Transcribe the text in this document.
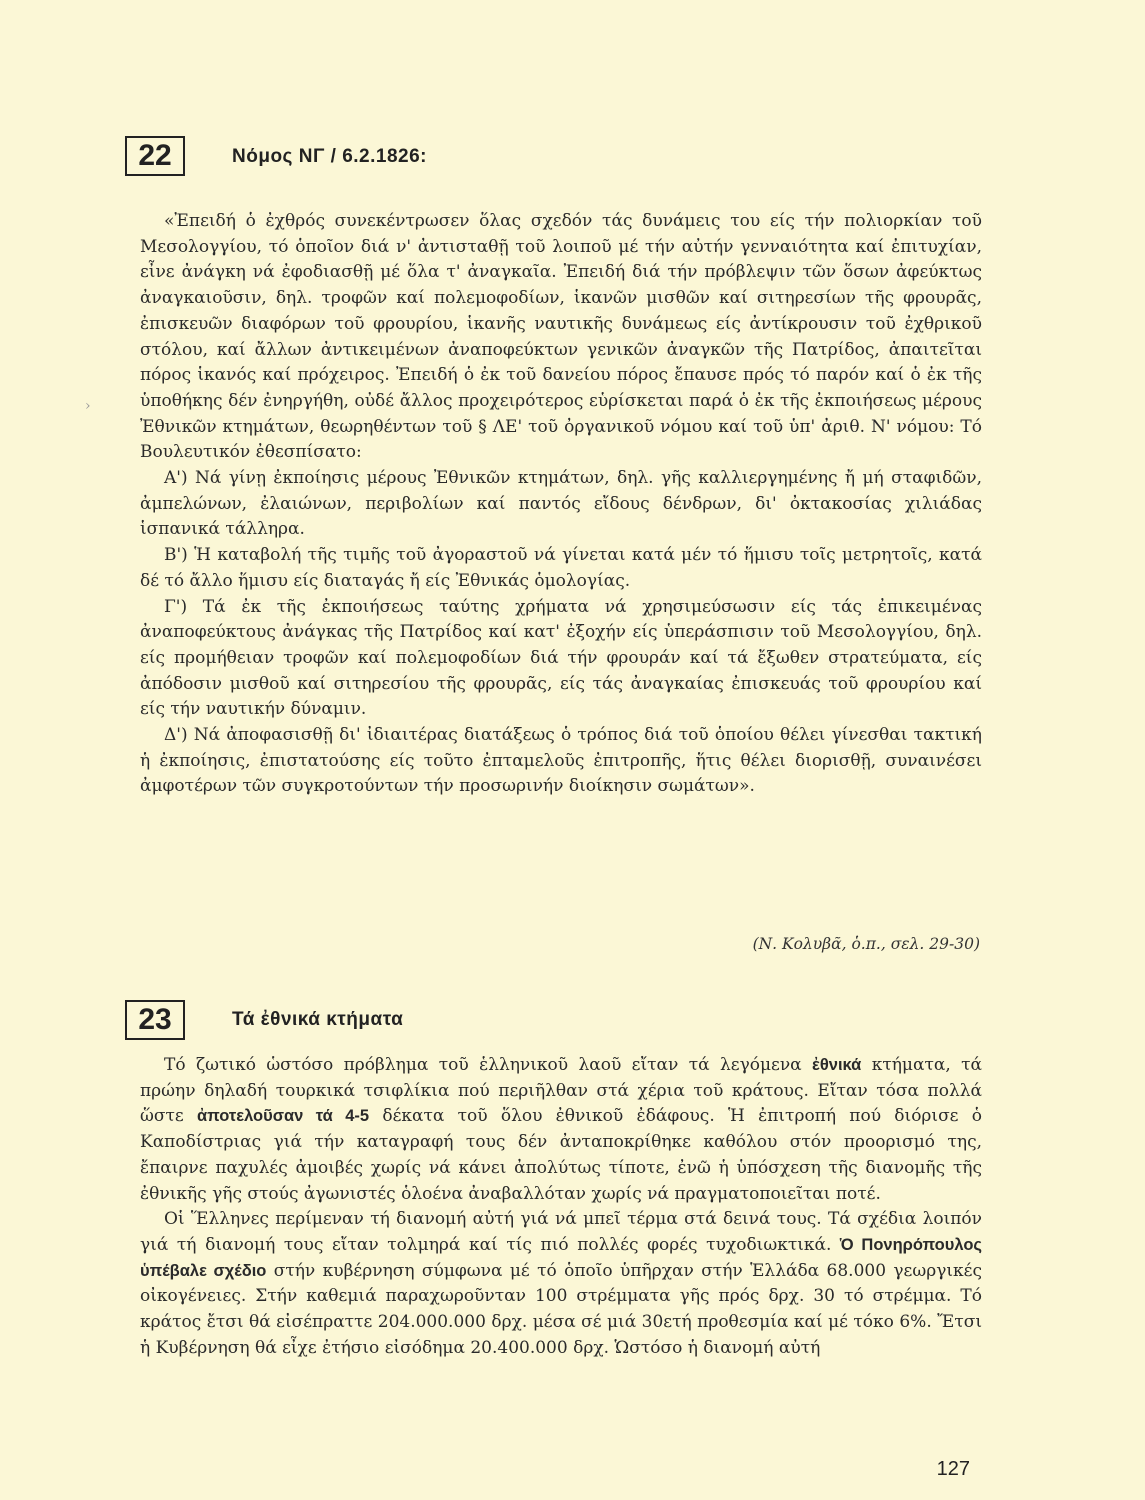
22	Νόμος ΝΓ / 6.2.1826:

«Ἐπειδή ὁ ἐχθρός συνεκέντρωσεν ὅλας σχεδόν τάς δυνάμεις του είς τήν πολιορκίαν τοῦ Μεσολογγίου, τό ὁποῖον διά ν' ἀντισταθῇ τοῦ λοιποῦ μέ τήν αὐτήν γενναιότητα καί ἐπιτυχίαν, εἶνε ἀνάγκη νά ἐφοδιασθῇ μέ ὅλα τ' ἀναγκαῖα. Ἐπειδή διά τήν πρόβλεψιν τῶν ὅσων ἀφεύκτως ἀναγκαιοῦσιν, δηλ. τροφῶν καί πολεμοφοδίων, ἱκανῶν μισθῶν καί σιτηρεσίων τῆς φρουρᾶς, ἐπισκευῶν διαφόρων τοῦ φρουρίου, ἱκανῆς ναυτικῆς δυνάμεως είς ἀντίκρουσιν τοῦ ἐχθρικοῦ στόλου, καί ἄλλων ἀντικειμένων ἀναποφεύκτων γενικῶν ἀναγκῶν τῆς Πατρίδος, ἀπαιτεῖται πόρος ἱκανός καί πρόχειρος. Ἐπειδή ὁ ἐκ τοῦ δανείου πόρος ἔπαυσε πρός τό παρόν καί ὁ ἐκ τῆς ὑποθήκης δέν ἐνηργήθη, οὐδέ ἄλλος προχειρότερος εὑρίσκεται παρά ὁ ἐκ τῆς ἐκποιήσεως μέρους Ἐθνικῶν κτημάτων, θεωρηθέντων τοῦ § ΛΕ' τοῦ ὀργανικοῦ νόμου καί τοῦ ὑπ' ἀριθ. Ν' νόμου: Τό Βουλευτικόν ἐθεσπίσατο:

Α') Νά γίνῃ ἐκποίησις μέρους Ἐθνικῶν κτημάτων, δηλ. γῆς καλλιεργημένης ἤ μή σταφιδῶν, ἀμπελώνων, ἐλαιώνων, περιβολίων καί παντός εἴδους δένδρων, δι' ὀκτακοσίας χιλιάδας ἱσπανικά τάλληρα.

Β') Ἡ καταβολή τῆς τιμῆς τοῦ ἀγοραστοῦ νά γίνεται κατά μέν τό ἥμισυ τοῖς μετρητοῖς, κατά δέ τό ἄλλο ἥμισυ είς διαταγάς ἤ είς Ἐθνικάς ὁμολογίας.

Γ') Τά ἐκ τῆς ἐκποιήσεως ταύτης χρήματα νά χρησιμεύσωσιν είς τάς ἐπικειμένας ἀναποφεύκτους ἀνάγκας τῆς Πατρίδος καί κατ' ἐξοχήν είς ὑπεράσπισιν τοῦ Μεσολογγίου, δηλ. είς προμήθειαν τροφῶν καί πολεμοφοδίων διά τήν φρουράν καί τά ἔξωθεν στρατεύματα, είς ἀπόδοσιν μισθοῦ καί σιτηρεσίου τῆς φρουρᾶς, είς τάς ἀναγκαίας ἐπισκευάς τοῦ φρουρίου καί είς τήν ναυτικήν δύναμιν.

Δ') Νά ἀποφασισθῇ δι' ἰδιαιτέρας διατάξεως ὁ τρόπος διά τοῦ ὁποίου θέλει γίνεσθαι τακτική ἡ ἐκποίησις, ἐπιστατούσης είς τοῦτο ἐπταμελοῦς ἐπιτροπῆς, ἥτις θέλει διορισθῇ, συναινέσει ἀμφοτέρων τῶν συγκροτούντων τήν προσωρινήν διοίκησιν σωμάτων».

(Ν. Κολυβᾶ, ὁ.π., σελ. 29-30)
23	Τά ἐθνικά κτήματα

Τό ζωτικό ὡστόσο πρόβλημα τοῦ ἑλληνικοῦ λαοῦ εἴταν τά λεγόμενα ἐθνικά κτήματα, τά πρώην δηλαδή τουρκικά τσιφλίκια πού περιῆλθαν στά χέρια τοῦ κράτους. Εἴταν τόσα πολλά ὥστε ἀποτελοῦσαν τά 4-5 δέκατα τοῦ ὅλου ἐθνικοῦ ἐδάφους. Ἡ ἐπιτροπή πού διόρισε ὁ Καποδίστριας γιά τήν καταγραφή τους δέν ἀνταποκρίθηκε καθόλου στόν προορισμό της, ἔπαιρνε παχυλές ἀμοιβές χωρίς νά κάνει ἀπολύτως τίποτε, ἐνῶ ἡ ὑπόσχεση τῆς διανομῆς τῆς ἐθνικῆς γῆς στούς ἀγωνιστές ὁλοένα ἀναβαλλόταν χωρίς νά πραγματοποιεῖται ποτέ.

Οἱ Ἕλληνες περίμεναν τή διανομή αὐτή γιά νά μπεῖ τέρμα στά δεινά τους. Τά σχέδια λοιπόν γιά τή διανομή τους εἴταν τολμηρά καί τίς πιό πολλές φορές τυχοδιωκτικά. Ὁ Πονηρόπουλος ὑπέβαλε σχέδιο στήν κυβέρνηση σύμφωνα μέ τό ὁποῖο ὑπῆρχαν στήν Ἑλλάδα 68.000 γεωργικές οἰκογένειες. Στήν καθεμιά παραχωροῦνταν 100 στρέμματα γῆς πρός δρχ. 30 τό στρέμμα. Τό κράτος ἔτσι θά εἰσέπραττε 204.000.000 δρχ. μέσα σέ μιά 30ετή προθεσμία καί μέ τόκο 6%. Ἔτσι ἡ Κυβέρνηση θά εἶχε ἐτήσιο εἰσόδημα 20.400.000 δρχ. Ὡστόσο ἡ διανομή αὐτή

›
127
